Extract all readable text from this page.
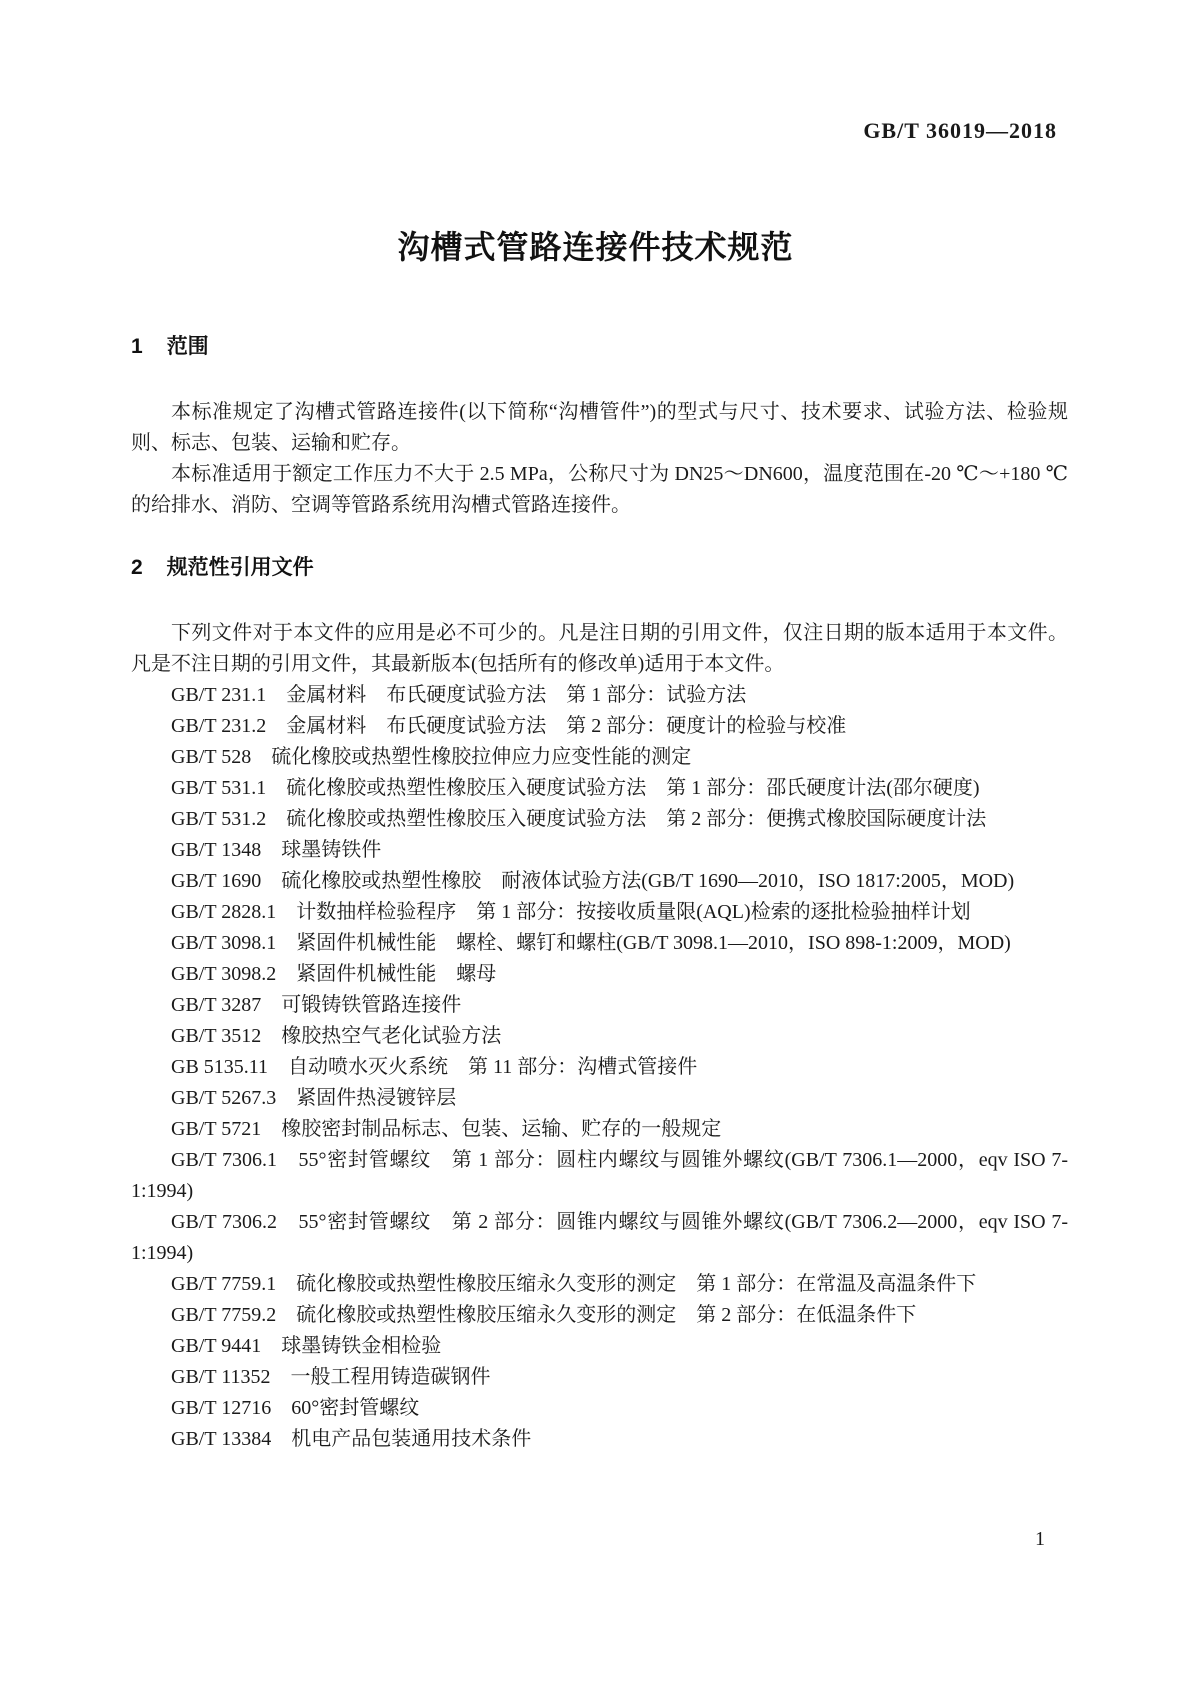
GB/T 36019—2018
沟槽式管路连接件技术规范
1 范围

本标准规定了沟槽式管路连接件(以下简称“沟槽管件”)的型式与尺寸、技术要求、试验方法、检验规则、标志、包装、运输和贮存。

本标准适用于额定工作压力不大于 2.5 MPa，公称尺寸为 DN25～DN600，温度范围在-20 ℃～+180 ℃ 的给排水、消防、空调等管路系统用沟槽式管路连接件。

2 规范性引用文件

下列文件对于本文件的应用是必不可少的。凡是注日期的引用文件，仅注日期的版本适用于本文件。凡是不注日期的引用文件，其最新版本(包括所有的修改单)适用于本文件。

GB/T 231.1　金属材料　布氏硬度试验方法　第 1 部分：试验方法

GB/T 231.2　金属材料　布氏硬度试验方法　第 2 部分：硬度计的检验与校准

GB/T 528　硫化橡胶或热塑性橡胶拉伸应力应变性能的测定

GB/T 531.1　硫化橡胶或热塑性橡胶压入硬度试验方法　第 1 部分：邵氏硬度计法(邵尔硬度)

GB/T 531.2　硫化橡胶或热塑性橡胶压入硬度试验方法　第 2 部分：便携式橡胶国际硬度计法

GB/T 1348　球墨铸铁件

GB/T 1690　硫化橡胶或热塑性橡胶　耐液体试验方法(GB/T 1690—2010，ISO 1817:2005，MOD)

GB/T 2828.1　计数抽样检验程序　第 1 部分：按接收质量限(AQL)检索的逐批检验抽样计划

GB/T 3098.1　紧固件机械性能　螺栓、螺钉和螺柱(GB/T 3098.1—2010，ISO 898-1:2009，MOD)

GB/T 3098.2　紧固件机械性能　螺母

GB/T 3287　可锻铸铁管路连接件

GB/T 3512　橡胶热空气老化试验方法

GB 5135.11　自动喷水灭火系统　第 11 部分：沟槽式管接件

GB/T 5267.3　紧固件热浸镀锌层

GB/T 5721　橡胶密封制品标志、包装、运输、贮存的一般规定

GB/T 7306.1　55°密封管螺纹　第 1 部分：圆柱内螺纹与圆锥外螺纹(GB/T 7306.1—2000，eqv ISO 7-1:1994)

GB/T 7306.2　55°密封管螺纹　第 2 部分：圆锥内螺纹与圆锥外螺纹(GB/T 7306.2—2000，eqv ISO 7-1:1994)

GB/T 7759.1　硫化橡胶或热塑性橡胶压缩永久变形的测定　第 1 部分：在常温及高温条件下

GB/T 7759.2　硫化橡胶或热塑性橡胶压缩永久变形的测定　第 2 部分：在低温条件下

GB/T 9441　球墨铸铁金相检验

GB/T 11352　一般工程用铸造碳钢件

GB/T 12716　60°密封管螺纹

GB/T 13384　机电产品包装通用技术条件

1
